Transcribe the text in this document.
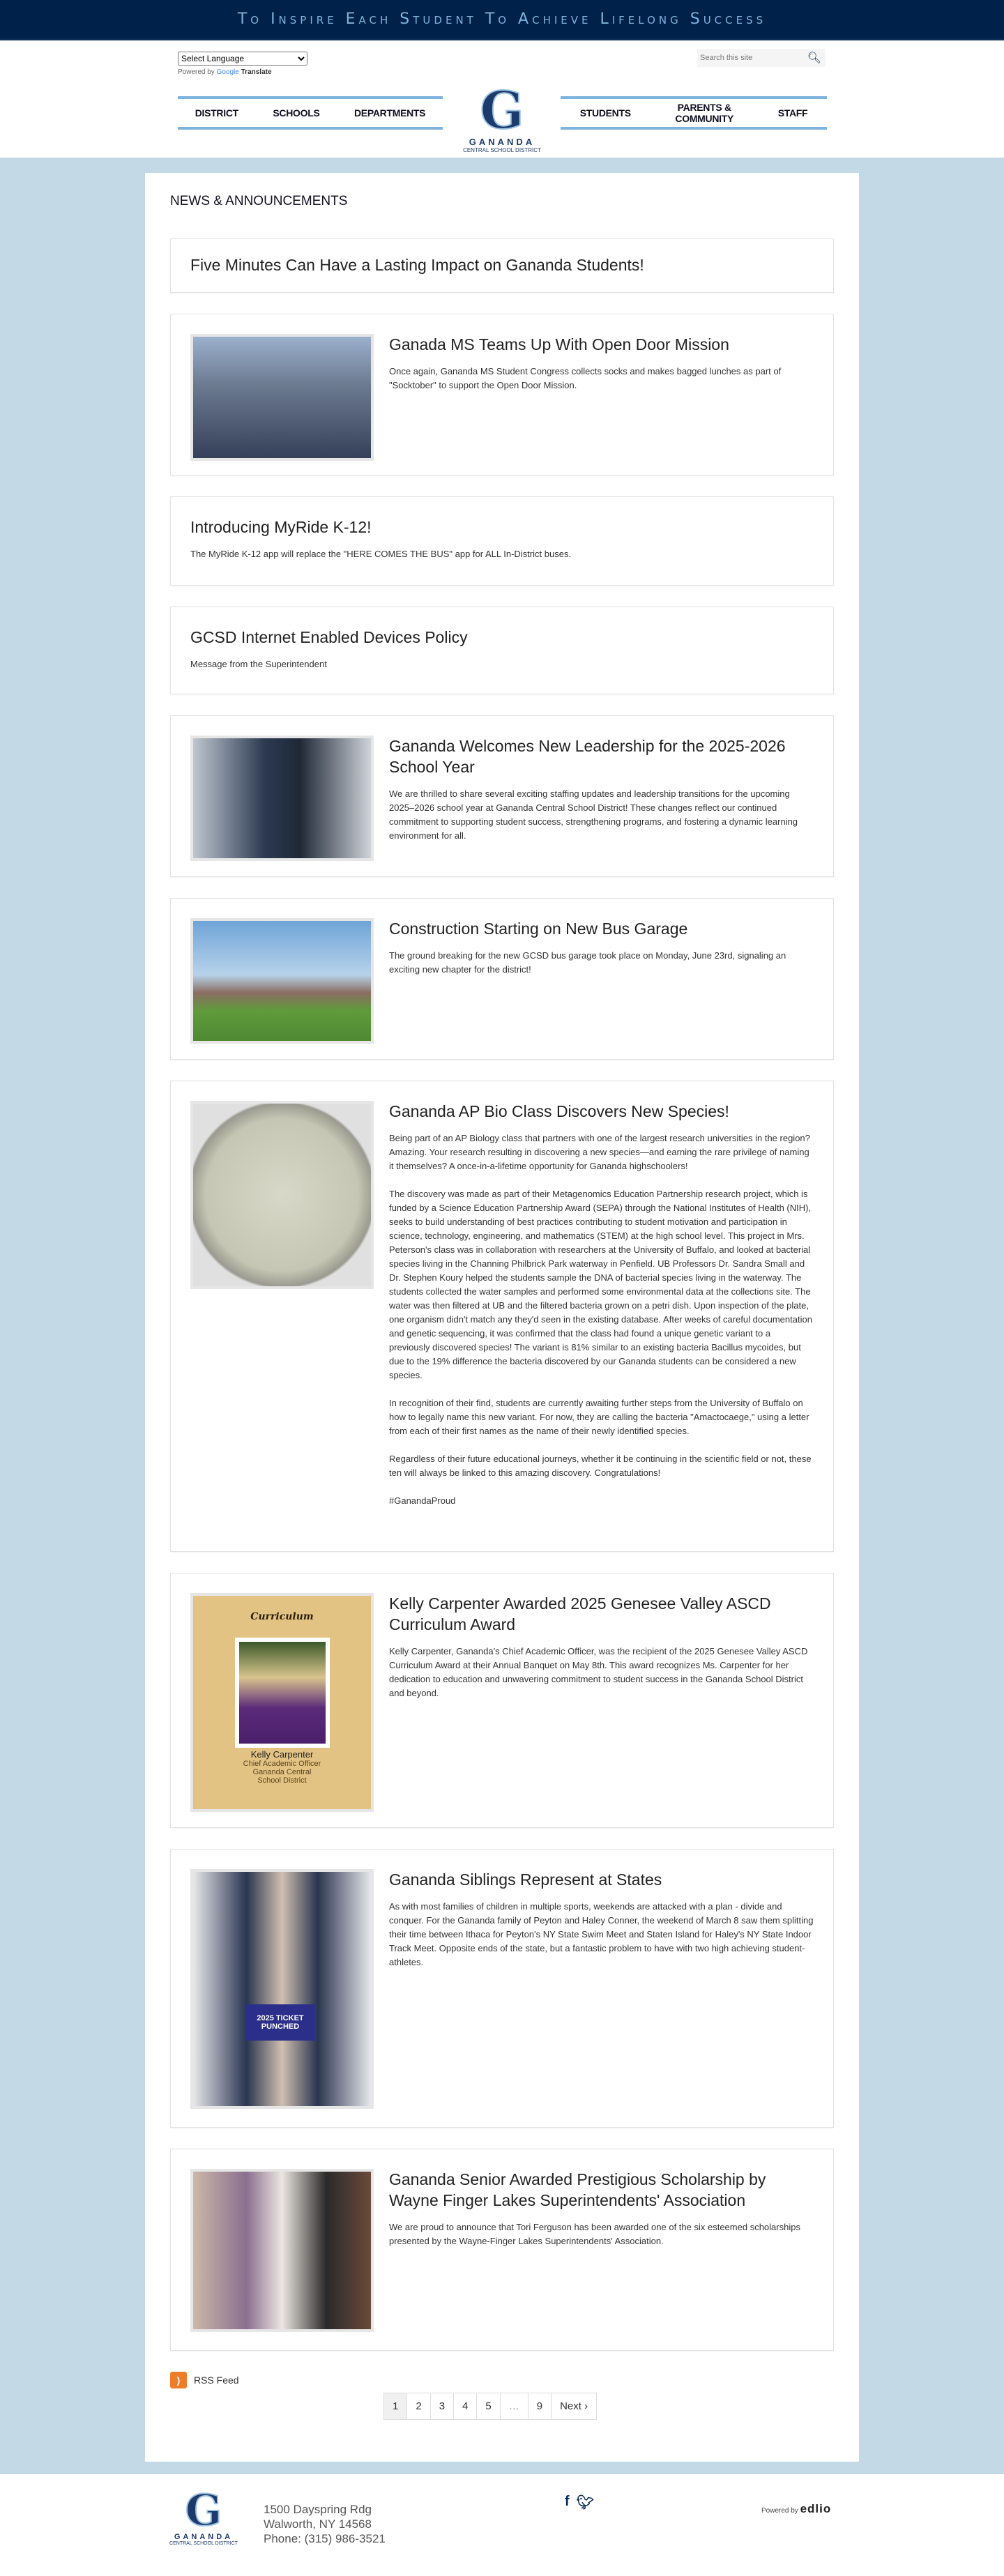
To Inspire Each Student To Achieve Lifelong Success
Select Language
Powered by Google Translate
Search this site
🔍︎
DISTRICT	SCHOOLS	DEPARTMENTS	G
GANANDA
CENTRAL SCHOOL DISTRICT
STUDENTS	PARENTS & COMMUNITY	STAFF
NEWS & ANNOUNCEMENTS
Five Minutes Can Have a Lasting Impact on Gananda Students!
Ganada MS Teams Up With Open Door Mission

Once again, Gananda MS Student Congress collects socks and makes bagged lunches as part of "Socktober" to support the Open Door Mission.

Introducing MyRide K-12!

The MyRide K-12 app will replace the "HERE COMES THE BUS" app for ALL In-District buses.

GCSD Internet Enabled Devices Policy

Message from the Superintendent

Gananda Welcomes New Leadership for the 2025-2026 School Year

We are thrilled to share several exciting staffing updates and leadership transitions for the upcoming 2025–2026 school year at Gananda Central School District! These changes reflect our continued commitment to supporting student success, strengthening programs, and fostering a dynamic learning environment for all.

Construction Starting on New Bus Garage

The ground breaking for the new GCSD bus garage took place on Monday, June 23rd, signaling an exciting new chapter for the district!

Gananda AP Bio Class Discovers New Species!

Being part of an AP Biology class that partners with one of the largest research universities in the region? Amazing. Your research resulting in discovering a new species—and earning the rare privilege of naming it themselves? A once-in-a-lifetime opportunity for Gananda highschoolers!

The discovery was made as part of their Metagenomics Education Partnership research project, which is funded by a Science Education Partnership Award (SEPA) through the National Institutes of Health (NIH), seeks to build understanding of best practices contributing to student motivation and participation in science, technology, engineering, and mathematics (STEM) at the high school level. This project in Mrs. Peterson's class was in collaboration with researchers at the University of Buffalo, and looked at bacterial species living in the Channing Philbrick Park waterway in Penfield. UB Professors Dr. Sandra Small and Dr. Stephen Koury helped the students sample the DNA of bacterial species living in the waterway. The students collected the water samples and performed some environmental data at the collections site. The water was then filtered at UB and the filtered bacteria grown on a petri dish. Upon inspection of the plate, one organism didn't match any they'd seen in the existing database. After weeks of careful documentation and genetic sequencing, it was confirmed that the class had found a unique genetic variant to a previously discovered species! The variant is 81% similar to an existing bacteria Bacillus mycoides, but due to the 19% difference the bacteria discovered by our Gananda students can be considered a new species.

In recognition of their find, students are currently awaiting further steps from the University of Buffalo on how to legally name this new variant. For now, they are calling the bacteria "Amactocaege," using a letter from each of their first names as the name of their newly identified species.

Regardless of their future educational journeys, whether it be continuing in the scientific field or not, these ten will always be linked to this amazing discovery. Congratulations!

#GanandaProud

Curriculum
Kelly Carpenter
Chief Academic Officer
Gananda Central
School District
Kelly Carpenter Awarded 2025 Genesee Valley ASCD Curriculum Award

Kelly Carpenter, Gananda's Chief Academic Officer, was the recipient of the 2025 Genesee Valley ASCD Curriculum Award at their Annual Banquet on May 8th. This award recognizes Ms. Carpenter for her dedication to education and unwavering commitment to student success in the Gananda School District and beyond.

2025 TICKET PUNCHED
Gananda Siblings Represent at States

As with most families of children in multiple sports, weekends are attacked with a plan - divide and conquer. For the Gananda family of Peyton and Haley Conner, the weekend of March 8 saw them splitting their time between Ithaca for Peyton's NY State Swim Meet and Staten Island for Haley's NY State Indoor Track Meet. Opposite ends of the state, but a fantastic problem to have with two high achieving student-athletes.

Gananda Senior Awarded Prestigious Scholarship by Wayne Finger Lakes Superintendents' Association

We are proud to announce that Tori Ferguson has been awarded one of the six esteemed scholarships presented by the Wayne-Finger Lakes Superintendents' Association.

)	RSS Feed
1	2	3	4	5	…	9	Next ›
G
GANANDA
CENTRAL SCHOOL DISTRICT
1500 Dayspring Rdg
Walworth, NY 14568
Phone: (315) 986-3521
f 🐦︎
Powered by edlio
